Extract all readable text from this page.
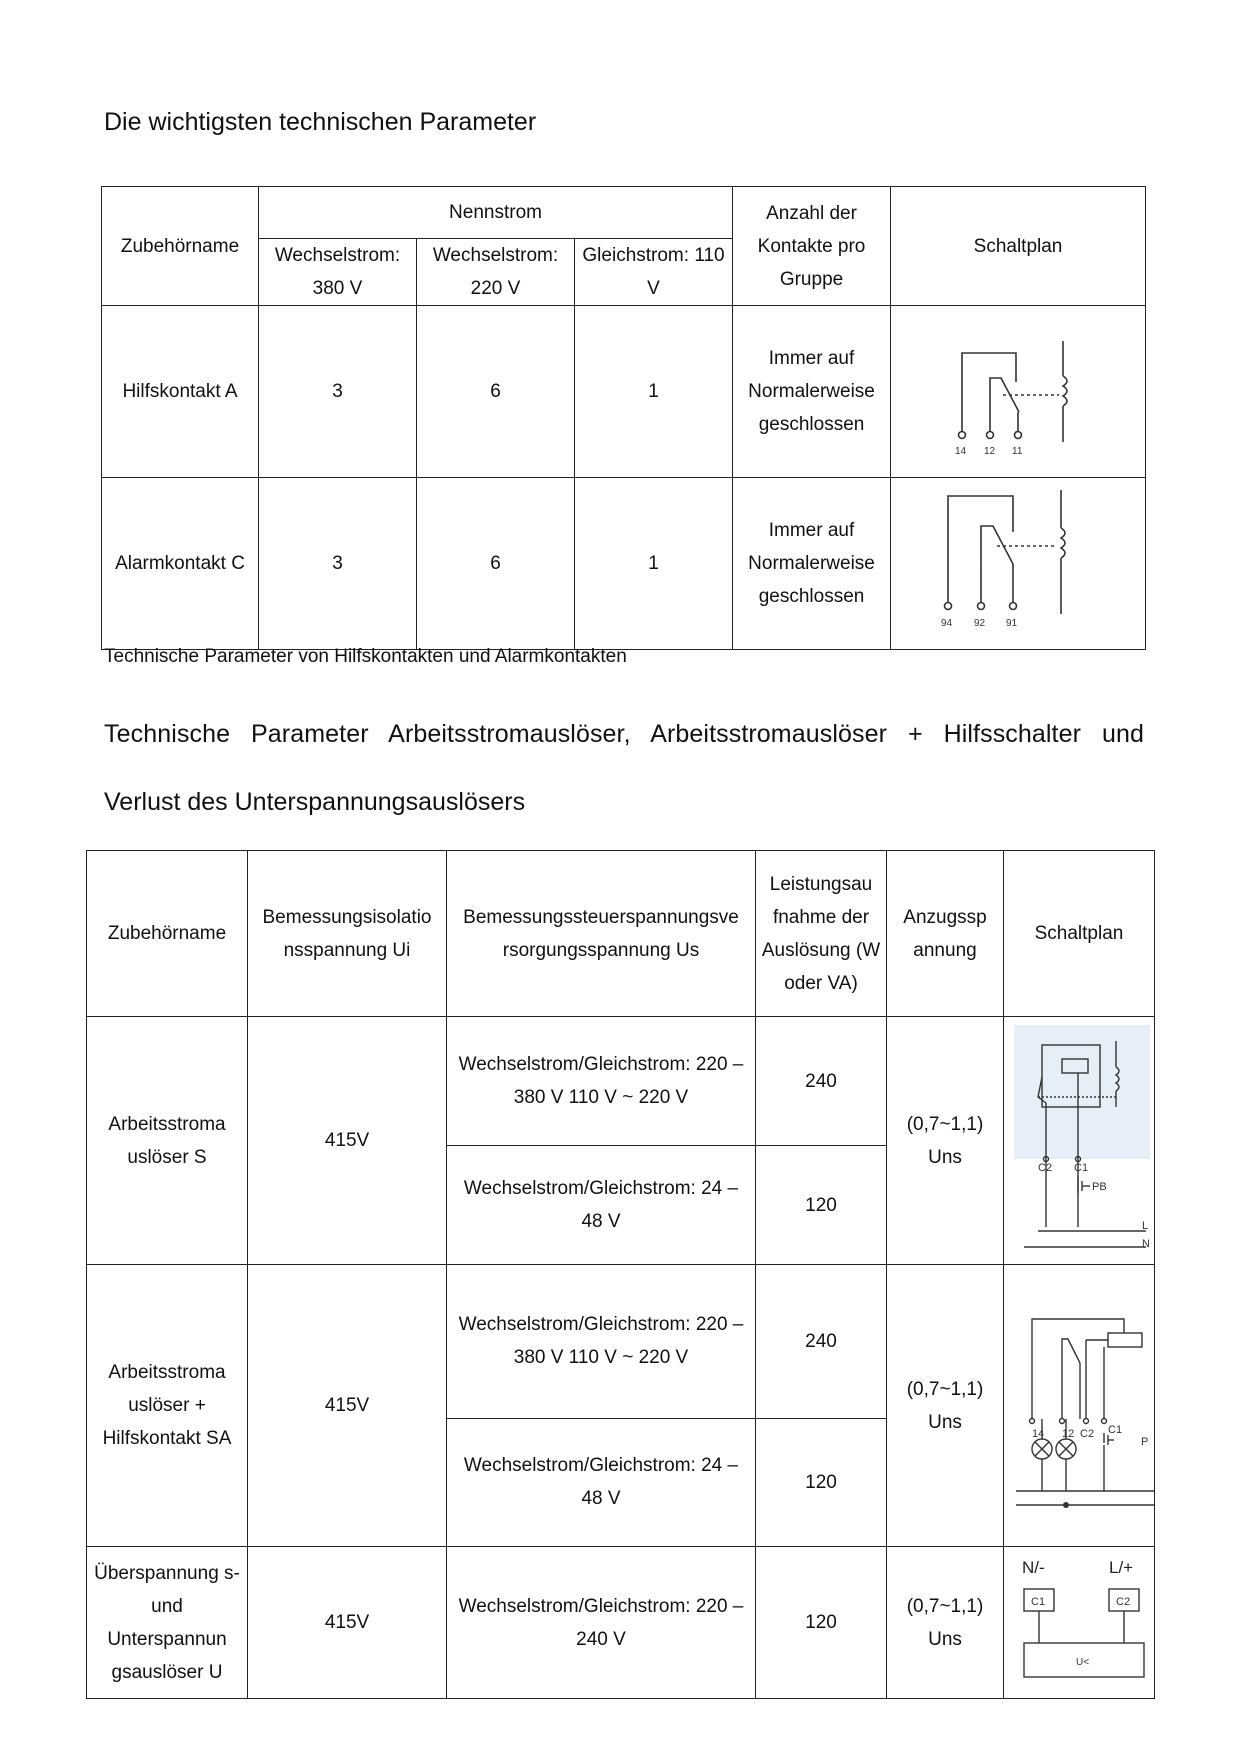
Die wichtigsten technischen Parameter
Zubehörname	Nennstrom			Anzahl der Kontakte pro Gruppe	Schaltplan
	Wechselstrom: 380 V	Wechselstrom: 220 V	Gleichstrom: 110 V		
Hilfskontakt A	3	6	1	Immer auf Normalerweise geschlossen	14 12 11

Alarmkontakt C	3	6	1	Immer auf Normalerweise geschlossen	94 92 91
Technische Parameter von Hilfskontakten und Alarmkontakten
Technische Parameter Arbeitsstromauslöser, Arbeitsstromauslöser + Hilfsschalter und
Verlust des Unterspannungsauslösers
Zubehörname	Bemessungsisolatio nsspannung Ui	Bemessungssteuerspannungsve rsorgungsspannung Us	Leistungsau fnahme der Auslösung (W oder VA)	Anzugssp annung	Schaltplan
Arbeitsstroma uslöser S	415V	Wechselstrom/Gleichstrom: 220 – 380 V 110 V ~ 220 V	240	(0,7~1,1) Uns	C2 C1
PB
L
N

		Wechselstrom/Gleichstrom: 24 – 48 V	120		
Arbeitsstroma uslöser + Hilfskontakt SA	415V	Wechselstrom/Gleichstrom: 220 – 380 V 110 V ~ 220 V	240	(0,7~1,1) Uns	14 12 C2 C1
P

		Wechselstrom/Gleichstrom: 24 – 48 V	120		
Überspannung s- und Unterspannun gsauslöser U	415V	Wechselstrom/Gleichstrom: 220 – 240 V	120	(0,7~1,1) Uns	N/- L/+
C1 C2
U<
